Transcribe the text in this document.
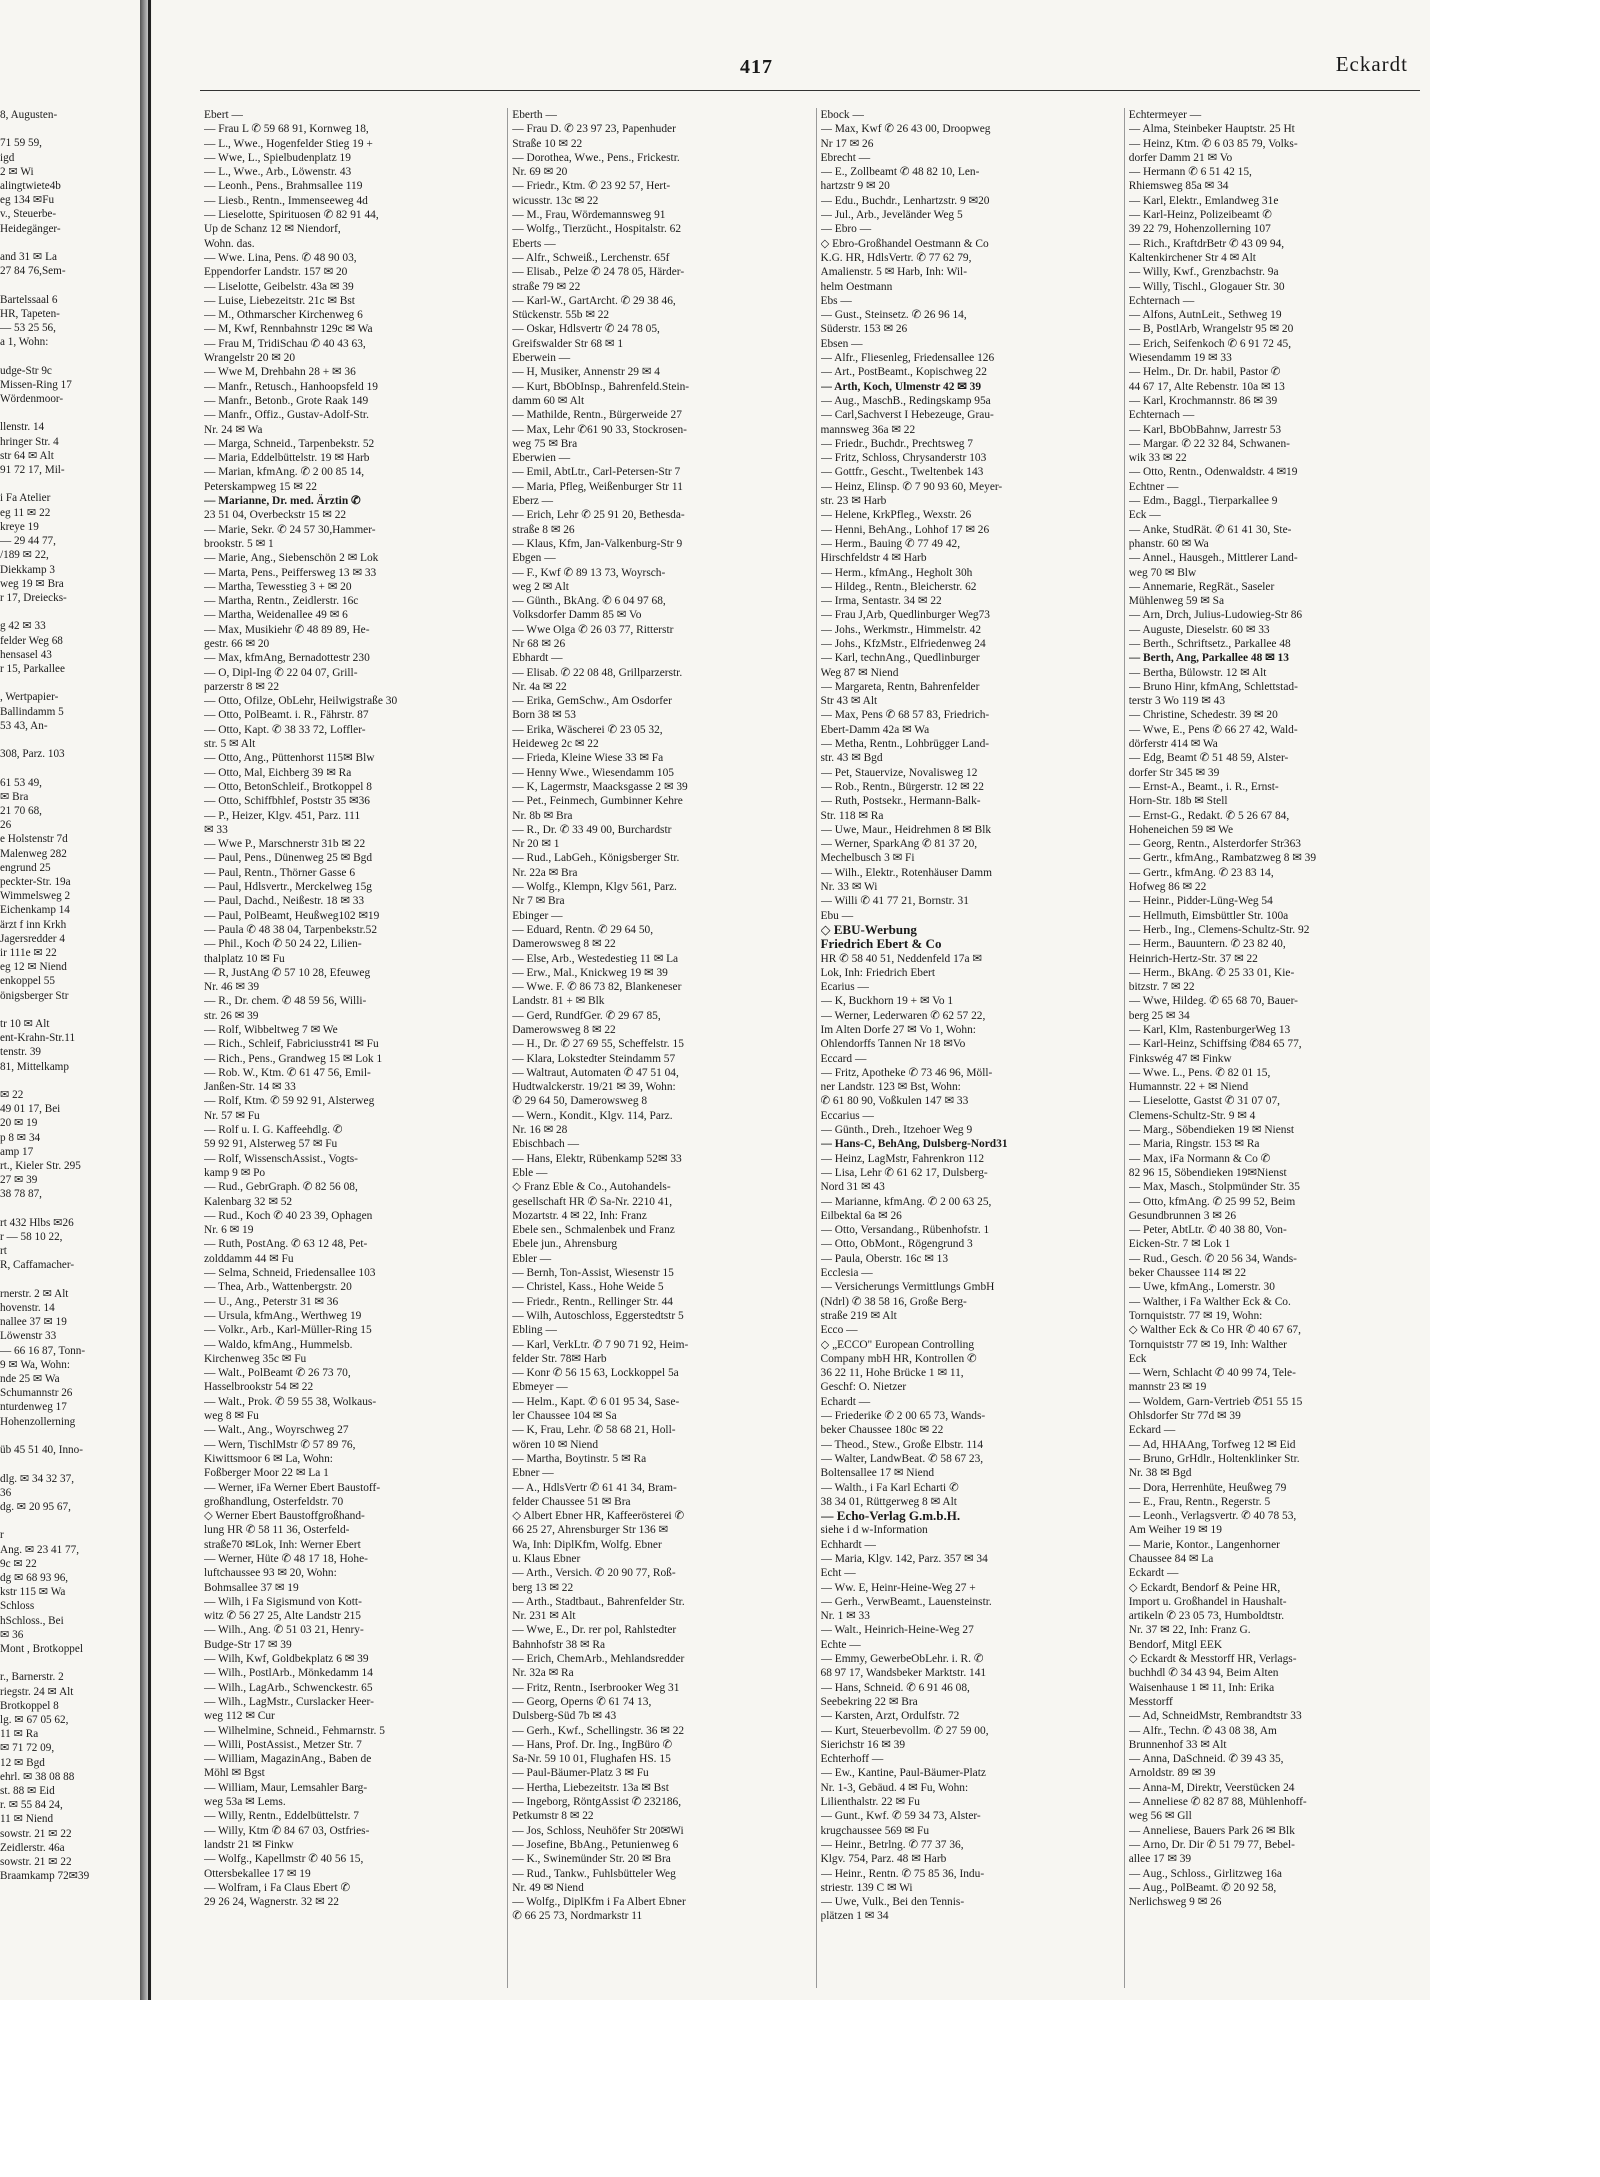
8, Augusten-

71 59 59,
igd
2 ✉ Wi
alingtwiete4b
eg 134 ✉Fu
v., Steuerbe-
Heidegänger-

and 31 ✉ La
27 84 76,Sem-

Bartelssaal 6
HR, Tapeten-
— 53 25 56,
a 1, Wohn:

udge-Str 9c
Missen-Ring 17
Wördenmoor-

llenstr. 14
hringer Str. 4
str 64 ✉ Alt
91 72 17, Mil-

i Fa Atelier
eg 11 ✉ 22
kreye 19
— 29 44 77,
/189 ✉ 22,
Diekkamp 3
weg 19 ✉ Bra
r 17, Dreiecks-

g 42 ✉ 33
felder Weg 68
hensasel 43
r 15, Parkallee

, Wertpapier-
Ballindamm 5
53 43, An-

308, Parz. 103

61 53 49,
✉ Bra
21 70 68,
26
e Holstenstr 7d
Malenweg 282
engrund 25
peckter-Str. 19a
Wimmelsweg 2
Eichenkamp 14
ärzt f inn Krkh
Jagersredder 4
ir 111e ✉ 22
eg 12 ✉ Niend
enkoppel 55
önigsberger Str

tr 10 ✉ Alt
ent-Krahn-Str.11
tenstr. 39
81, Mittelkamp

✉ 22
49 01 17, Bei
20 ✉ 19
p 8 ✉ 34
amp 17
rt., Kieler Str. 295
27 ✉ 39
38 78 87,

rt 432 Hlbs ✉26
r — 58 10 22,
rt
R, Caffamacher-

rnerstr. 2 ✉ Alt
hovenstr. 14
nallee 37 ✉ 19
Löwenstr 33
— 66 16 87, Tonn-
9 ✉ Wa, Wohn:
nde 25 ✉ Wa
Schumannstr 26
nturdenweg 17
Hohenzollerning

üb 45 51 40, Inno-

dlg. ✉ 34 32 37,
36
dg. ✉ 20 95 67,

r
Ang. ✉ 23 41 77,
9c ✉ 22
dg ✉ 68 93 96,
kstr 115 ✉ Wa
Schloss
hSchloss., Bei
✉ 36
Mont , Brotkoppel

r., Barnerstr. 2
riegstr. 24 ✉ Alt
Brotkoppel 8
lg. ✉ 67 05 62,
11 ✉ Ra
✉ 71 72 09,
12 ✉ Bgd
ehrl. ✉ 38 08 88
st. 88 ✉ Eid
r. ✉ 55 84 24,
11 ✉ Niend
sowstr. 21 ✉ 22
Zeidlerstr. 46a
sowstr. 21 ✉ 22
Braamkamp 72✉39
417	Eckardt
Ebert —
— Frau L ✆ 59 68 91, Kornweg 18,
— L., Wwe., Hogenfelder Stieg 19 +
— Wwe, L., Spielbudenplatz 19
— L., Wwe., Arb., Löwenstr. 43
— Leonh., Pens., Brahmsallee 119
— Liesb., Rentn., Immenseeweg 4d
— Lieselotte, Spirituosen ✆ 82 91 44,
Up de Schanz 12 ✉ Niendorf,
Wohn. das.
— Wwe. Lina, Pens. ✆ 48 90 03,
Eppendorfer Landstr. 157 ✉ 20
— Liselotte, Geibelstr. 43a ✉ 39
— Luise, Liebezeitstr. 21c ✉ Bst
— M., Othmarscher Kirchenweg 6
— M, Kwf, Rennbahnstr 129c ✉ Wa
— Frau M, TridiSchau ✆ 40 43 63,
Wrangelstr 20 ✉ 20
— Wwe M, Drehbahn 28 + ✉ 36
— Manfr., Retusch., Hanhoopsfeld 19
— Manfr., Betonb., Grote Raak 149
— Manfr., Offiz., Gustav-Adolf-Str.
Nr. 24 ✉ Wa
— Marga, Schneid., Tarpenbekstr. 52
— Maria, Eddelbüttelstr. 19 ✉ Harb
— Marian, kfmAng. ✆ 2 00 85 14,
Peterskampweg 15 ✉ 22
— Marianne, Dr. med. Ärztin ✆
23 51 04, Overbeckstr 15 ✉ 22
— Marie, Sekr. ✆ 24 57 30,Hammer-
brookstr. 5 ✉ 1
— Marie, Ang., Siebenschön 2 ✉ Lok
— Marta, Pens., Peiffersweg 13 ✉ 33
— Martha, Tewesstieg 3 + ✉ 20
— Martha, Rentn., Zeidlerstr. 16c
— Martha, Weidenallee 49 ✉ 6
— Max, Musikiehr ✆ 48 89 89, He-
gestr. 66 ✉ 20
— Max, kfmAng, Bernadottestr 230
— O, Dipl-Ing ✆ 22 04 07, Grill-
parzerstr 8 ✉ 22
— Otto, Ofilze, ObLehr, Heilwigstraße 30
— Otto, PolBeamt. i. R., Fährstr. 87
— Otto, Kapt. ✆ 38 33 72, Loffler-
str. 5 ✉ Alt
— Otto, Ang., Püttenhorst 115✉ Blw
— Otto, Mal, Eichberg 39 ✉ Ra
— Otto, BetonSchleif., Brotkoppel 8
— Otto, Schiffbhlef, Poststr 35 ✉36
— P., Heizer, Klgv. 451, Parz. 111
✉ 33
— Wwe P., Marschnerstr 31b ✉ 22
— Paul, Pens., Dünenweg 25 ✉ Bgd
— Paul, Rentn., Thörner Gasse 6
— Paul, Hdlsvertr., Merckelweg 15g
— Paul, Dachd., Neißestr. 18 ✉ 33
— Paul, PolBeamt, Heußweg102 ✉19
— Paula ✆ 48 38 04, Tarpenbekstr.52
— Phil., Koch ✆ 50 24 22, Lilien-
thalplatz 10 ✉ Fu
— R, JustAng ✆ 57 10 28, Efeuweg
Nr. 46 ✉ 39
— R., Dr. chem. ✆ 48 59 56, Willi-
str. 26 ✉ 39
— Rolf, Wibbeltweg 7 ✉ We
— Rich., Schleif, Fabriciusstr41 ✉ Fu
— Rich., Pens., Grandweg 15 ✉ Lok 1
— Rob. W., Ktm. ✆ 61 47 56, Emil-
Janßen-Str. 14 ✉ 33
— Rolf, Ktm. ✆ 59 92 91, Alsterweg
Nr. 57 ✉ Fu
— Rolf u. I. G. Kaffeehdlg. ✆
59 92 91, Alsterweg 57 ✉ Fu
— Rolf, WissenschAssist., Vogts-
kamp 9 ✉ Po
— Rud., GebrGraph. ✆ 82 56 08,
Kalenbarg 32 ✉ 52
— Rud., Koch ✆ 40 23 39, Ophagen
Nr. 6 ✉ 19
— Ruth, PostAng. ✆ 63 12 48, Pet-
zolddamm 44 ✉ Fu
— Selma, Schneid, Friedensallee 103
— Thea, Arb., Wattenbergstr. 20
— U., Ang., Peterstr 31 ✉ 36
— Ursula, kfmAng., Werthweg 19
— Volkr., Arb., Karl-Müller-Ring 15
— Waldo, kfmAng., Hummelsb.
Kirchenweg 35c ✉ Fu
— Walt., PolBeamt ✆ 26 73 70,
Hasselbrookstr 54 ✉ 22
— Walt., Prok. ✆ 59 55 38, Wolkaus-
weg 8 ✉ Fu
— Walt., Ang., Woyrschweg 27
— Wern, TischlMstr ✆ 57 89 76,
Kiwittsmoor 6 ✉ La, Wohn:
Foßberger Moor 22 ✉ La 1
— Werner, iFa Werner Ebert Baustoff-
großhandlung, Osterfeldstr. 70
◇ Werner Ebert Baustoffgroßhand-
lung HR ✆ 58 11 36, Osterfeld-
straße70 ✉Lok, Inh: Werner Ebert
— Werner, Hüte ✆ 48 17 18, Hohe-
luftchaussee 93 ✉ 20, Wohn:
Bohmsallee 37 ✉ 19
— Wilh, i Fa Sigismund von Kott-
witz ✆ 56 27 25, Alte Landstr 215
— Wilh., Ang. ✆ 51 03 21, Henry-
Budge-Str 17 ✉ 39
— Wilh, Kwf, Goldbekplatz 6 ✉ 39
— Wilh., PostlArb., Mönkedamm 14
— Wilh., LagArb., Schwenckestr. 65
— Wilh., LagMstr., Curslacker Heer-
weg 112 ✉ Cur
— Wilhelmine, Schneid., Fehmarnstr. 5
— Willi, PostAssist., Metzer Str. 7
— William, MagazinAng., Baben de
Möhl ✉ Bgst
— William, Maur, Lemsahler Barg-
weg 53a ✉ Lems.
— Willy, Rentn., Eddelbüttelstr. 7
— Willy, Ktm ✆ 84 67 03, Ostfries-
landstr 21 ✉ Finkw
— Wolfg., Kapellmstr ✆ 40 56 15,
Ottersbekallee 17 ✉ 19
— Wolfram, i Fa Claus Ebert ✆
29 26 24, Wagnerstr. 32 ✉ 22
Eberth —
— Frau D. ✆ 23 97 23, Papenhuder
Straße 10 ✉ 22
— Dorothea, Wwe., Pens., Frickestr.
Nr. 69 ✉ 20
— Friedr., Ktm. ✆ 23 92 57, Hert-
wicusstr. 13c ✉ 22
— M., Frau, Wördemannsweg 91
— Wolfg., Tierzücht., Hospitalstr. 62
Eberts —
— Alfr., Schweiß., Lerchenstr. 65f
— Elisab., Pelze ✆ 24 78 05, Härder-
straße 79 ✉ 22
— Karl-W., GartArcht. ✆ 29 38 46,
Stückenstr. 55b ✉ 22
— Oskar, Hdlsvertr ✆ 24 78 05,
Greifswalder Str 68 ✉ 1
Eberwein —
— H, Musiker, Annenstr 29 ✉ 4
— Kurt, BbObInsp., Bahrenfeld.Stein-
damm 60 ✉ Alt
— Mathilde, Rentn., Bürgerweide 27
— Max, Lehr ✆61 90 33, Stockrosen-
weg 75 ✉ Bra
Eberwien —
— Emil, AbtLtr., Carl-Petersen-Str 7
— Maria, Pfleg, Weißenburger Str 11
Eberz —
— Erich, Lehr ✆ 25 91 20, Bethesda-
straße 8 ✉ 26
— Klaus, Kfm, Jan-Valkenburg-Str 9
Ebgen —
— F., Kwf ✆ 89 13 73, Woyrsch-
weg 2 ✉ Alt
— Günth., BkAng. ✆ 6 04 97 68,
Volksdorfer Damm 85 ✉ Vo
— Wwe Olga ✆ 26 03 77, Ritterstr
Nr 68 ✉ 26
Ebhardt —
— Elisab. ✆ 22 08 48, Grillparzerstr.
Nr. 4a ✉ 22
— Erika, GemSchw., Am Osdorfer
Born 38 ✉ 53
— Erika, Wäscherei ✆ 23 05 32,
Heideweg 2c ✉ 22
— Frieda, Kleine Wiese 33 ✉ Fa
— Henny Wwe., Wiesendamm 105
— K, Lagermstr, Maacksgasse 2 ✉ 39
— Pet., Feinmech, Gumbinner Kehre
Nr. 8b ✉ Bra
— R., Dr. ✆ 33 49 00, Burchardstr
Nr 20 ✉ 1
— Rud., LabGeh., Königsberger Str.
Nr. 22a ✉ Bra
— Wolfg., Klempn, Klgv 561, Parz.
Nr 7 ✉ Bra
Ebinger —
— Eduard, Rentn. ✆ 29 64 50,
Damerowsweg 8 ✉ 22
— Else, Arb., Westedestieg 11 ✉ La
— Erw., Mal., Knickweg 19 ✉ 39
— Wwe. F. ✆ 86 73 82, Blankeneser
Landstr. 81 + ✉ Blk
— Gerd, RundfGer. ✆ 29 67 85,
Damerowsweg 8 ✉ 22
— H., Dr. ✆ 27 69 55, Scheffelstr. 15
— Klara, Lokstedter Steindamm 57
— Waltraut, Automaten ✆ 47 51 04,
Hudtwalckerstr. 19/21 ✉ 39, Wohn:
✆ 29 64 50, Damerowsweg 8
— Wern., Kondit., Klgv. 114, Parz.
Nr. 16 ✉ 28
Ebischbach —
— Hans, Elektr, Rübenkamp 52✉ 33
Eble —
◇ Franz Eble & Co., Autohandels-
gesellschaft HR ✆ Sa-Nr. 2210 41,
Mozartstr. 4 ✉ 22, Inh: Franz
Ebele sen., Schmalenbek und Franz
Ebele jun., Ahrensburg
Ebler —
— Bernh, Ton-Assist, Wiesenstr 15
— Christel, Kass., Hohe Weide 5
— Friedr., Rentn., Rellinger Str. 44
— Wilh, Autoschloss, Eggerstedtstr 5
Ebling —
— Karl, VerkLtr. ✆ 7 90 71 92, Heim-
felder Str. 78✉ Harb
— Konr ✆ 56 15 63, Lockkoppel 5a
Ebmeyer —
— Helm., Kapt. ✆ 6 01 95 34, Sase-
ler Chaussee 104 ✉ Sa
— K, Frau, Lehr. ✆ 58 68 21, Holl-
wören 10 ✉ Niend
— Martha, Boytinstr. 5 ✉ Ra
Ebner —
— A., HdlsVertr ✆ 61 41 34, Bram-
felder Chaussee 51 ✉ Bra
◇ Albert Ebner HR, Kaffeerösterei ✆
66 25 27, Ahrensburger Str 136 ✉
Wa, Inh: DiplKfm, Wolfg. Ebner
u. Klaus Ebner
— Arth., Versich. ✆ 20 90 77, Roß-
berg 13 ✉ 22
— Arth., Stadtbaut., Bahrenfelder Str.
Nr. 231 ✉ Alt
— Wwe, E., Dr. rer pol, Rahlstedter
Bahnhofstr 38 ✉ Ra
— Erich, ChemArb., Mehlandsredder
Nr. 32a ✉ Ra
— Fritz, Rentn., Iserbrooker Weg 31
— Georg, Operns ✆ 61 74 13,
Dulsberg-Süd 7b ✉ 43
— Gerh., Kwf., Schellingstr. 36 ✉ 22
— Hans, Prof. Dr. Ing., IngBüro ✆
Sa-Nr. 59 10 01, Flughafen HS. 15
— Paul-Bäumer-Platz 3 ✉ Fu
— Hertha, Liebezeitstr. 13a ✉ Bst
— Ingeborg, RöntgAssist ✆ 232186,
Petkumstr 8 ✉ 22
— Jos, Schloss, Neuhöfer Str 20✉Wi
— Josefine, BbAng., Petunienweg 6
— K., Swinemünder Str. 20 ✉ Bra
— Rud., Tankw., Fuhlsbütteler Weg
Nr. 49 ✉ Niend
— Wolfg., DiplKfm i Fa Albert Ebner
✆ 66 25 73, Nordmarkstr 11
Ebock —
— Max, Kwf ✆ 26 43 00, Droopweg
Nr 17 ✉ 26
Ebrecht —
— E., Zollbeamt ✆ 48 82 10, Len-
hartzstr 9 ✉ 20
— Edu., Buchdr., Lenhartzstr. 9 ✉20
— Jul., Arb., Jeveländer Weg 5
— Ebro —
◇ Ebro-Großhandel Oestmann & Co
K.G. HR, HdlsVertr. ✆ 77 62 79,
Amalienstr. 5 ✉ Harb, Inh: Wil-
helm Oestmann
Ebs —
— Gust., Steinsetz. ✆ 26 96 14,
Süderstr. 153 ✉ 26
Ebsen —
— Alfr., Fliesenleg, Friedensallee 126
— Art., PostBeamt., Kopischweg 22
— Arth, Koch, Ulmenstr 42 ✉ 39
— Aug., MaschB., Redingskamp 95a
— Carl,Sachverst I Hebezeuge, Grau-
mannsweg 36a ✉ 22
— Friedr., Buchdr., Prechtsweg 7
— Fritz, Schloss, Chrysanderstr 103
— Gottfr., Gescht., Tweltenbek 143
— Heinz, Elinsp. ✆ 7 90 93 60, Meyer-
str. 23 ✉ Harb
— Helene, KrkPfleg., Wexstr. 26
— Henni, BehAng., Lohhof 17 ✉ 26
— Herm., Bauing ✆ 77 49 42,
Hirschfeldstr 4 ✉ Harb
— Herm., kfmAng., Hegholt 30h
— Hildeg., Rentn., Bleicherstr. 62
— Irma, Sentastr. 34 ✉ 22
— Frau J,Arb, Quedlinburger Weg73
— Johs., Werkmstr., Himmelstr. 42
— Johs., KfzMstr., Elfriedenweg 24
— Karl, technAng., Quedlinburger
Weg 87 ✉ Niend
— Margareta, Rentn, Bahrenfelder
Str 43 ✉ Alt
— Max, Pens ✆ 68 57 83, Friedrich-
Ebert-Damm 42a ✉ Wa
— Metha, Rentn., Lohbrügger Land-
str. 43 ✉ Bgd
— Pet, Stauervize, Novalisweg 12
— Rob., Rentn., Bürgerstr. 12 ✉ 22
— Ruth, Postsekr., Hermann-Balk-
Str. 118 ✉ Ra
— Uwe, Maur., Heidrehmen 8 ✉ Blk
— Werner, SparkAng ✆ 81 37 20,
Mechelbusch 3 ✉ Fi
— Wilh., Elektr., Rotenhäuser Damm
Nr. 33 ✉ Wi
— Willi ✆ 41 77 21, Bornstr. 31
Ebu —
◇ EBU-Werbung
Friedrich Ebert & Co
HR ✆ 58 40 51, Neddenfeld 17a ✉
Lok, Inh: Friedrich Ebert
Ecarius —
— K, Buckhorn 19 + ✉ Vo 1
— Werner, Lederwaren ✆ 62 57 22,
Im Alten Dorfe 27 ✉ Vo 1, Wohn:
Ohlendorffs Tannen Nr 18 ✉Vo
Eccard —
— Fritz, Apotheke ✆ 73 46 96, Möll-
ner Landstr. 123 ✉ Bst, Wohn:
✆ 61 80 90, Voßkulen 147 ✉ 33
Eccarius —
— Günth., Dreh., Itzehoer Weg 9
— Hans-C, BehAng, Dulsberg-Nord31
— Heinz, LagMstr, Fahrenkron 112
— Lisa, Lehr ✆ 61 62 17, Dulsberg-
Nord 31 ✉ 43
— Marianne, kfmAng. ✆ 2 00 63 25,
Eilbektal 6a ✉ 26
— Otto, Versandang., Rübenhofstr. 1
— Otto, ObMont., Rögengrund 3
— Paula, Oberstr. 16c ✉ 13
Ecclesia —
— Versicherungs Vermittlungs GmbH
(Ndrl) ✆ 38 58 16, Große Berg-
straße 219 ✉ Alt
Ecco —
◇ „ECCO" European Controlling
Company mbH HR, Kontrollen ✆
36 22 11, Hohe Brücke 1 ✉ 11,
Geschf: O. Nietzer
Echardt —
— Friederike ✆ 2 00 65 73, Wands-
beker Chaussee 180c ✉ 22
— Theod., Stew., Große Elbstr. 114
— Walter, LandwBeat. ✆ 58 67 23,
Boltensallee 17 ✉ Niend
— Walth., i Fa Karl Echarti ✆
38 34 01, Rüttgerweg 8 ✉ Alt
— Echo-Verlag G.m.b.H.
siehe i d w-Information
Echhardt —
— Maria, Klgv. 142, Parz. 357 ✉ 34
Echt —
— Ww. E, Heinr-Heine-Weg 27 +
— Gerh., VerwBeamt., Lauensteinstr.
Nr. 1 ✉ 33
— Walt., Heinrich-Heine-Weg 27
Echte —
— Emmy, GewerbeObLehr. i. R. ✆
68 97 17, Wandsbeker Marktstr. 141
— Hans, Schneid. ✆ 6 91 46 08,
Seebekring 22 ✉ Bra
— Karsten, Arzt, Ordulfstr. 72
— Kurt, Steuerbevollm. ✆ 27 59 00,
Sierichstr 16 ✉ 39
Echterhoff —
— Ew., Kantine, Paul-Bäumer-Platz
Nr. 1-3, Gebäud. 4 ✉ Fu, Wohn:
Lilienthalstr. 22 ✉ Fu
— Gunt., Kwf. ✆ 59 34 73, Alster-
krugchaussee 569 ✉ Fu
— Heinr., Betrlng. ✆ 77 37 36,
Klgv. 754, Parz. 48 ✉ Harb
— Heinr., Rentn. ✆ 75 85 36, Indu-
striestr. 139 C ✉ Wi
— Uwe, Vulk., Bei den Tennis-
plätzen 1 ✉ 34
Echtermeyer —
— Alma, Steinbeker Hauptstr. 25 Ht
— Heinz, Ktm. ✆ 6 03 85 79, Volks-
dorfer Damm 21 ✉ Vo
— Hermann ✆ 6 51 42 15,
Rhiemsweg 85a ✉ 34
— Karl, Elektr., Emlandweg 31e
— Karl-Heinz, Polizeibeamt ✆
39 22 79, Hohenzollerning 107
— Rich., KraftdrBetr ✆ 43 09 94,
Kaltenkirchener Str 4 ✉ Alt
— Willy, Kwf., Grenzbachstr. 9a
— Willy, Tischl., Glogauer Str. 30
Echternach —
— Alfons, AutnLeit., Sethweg 19
— B, PostlArb, Wrangelstr 95 ✉ 20
— Erich, Seifenkoch ✆ 6 91 72 45,
Wiesendamm 19 ✉ 33
— Helm., Dr. Dr. habil, Pastor ✆
44 67 17, Alte Rebenstr. 10a ✉ 13
— Karl, Krochmannstr. 86 ✉ 39
Echternach —
— Karl, BbObBahnw, Jarrestr 53
— Margar. ✆ 22 32 84, Schwanen-
wik 33 ✉ 22
— Otto, Rentn., Odenwaldstr. 4 ✉19
Echtner —
— Edm., Baggl., Tierparkallee 9
Eck —
— Anke, StudRät. ✆ 61 41 30, Ste-
phanstr. 60 ✉ Wa
— Annel., Hausgeh., Mittlerer Land-
weg 70 ✉ Blw
— Annemarie, RegRät., Saseler
Mühlenweg 59 ✉ Sa
— Arn, Drch, Julius-Ludowieg-Str 86
— Auguste, Dieselstr. 60 ✉ 33
— Berth., Schriftsetz., Parkallee 48
— Berth, Ang, Parkallee 48 ✉ 13
— Bertha, Bülowstr. 12 ✉ Alt
— Bruno Hinr, kfmAng, Schlettstad-
terstr 3 Wo 119 ✉ 43
— Christine, Schedestr. 39 ✉ 20
— Wwe, E., Pens ✆ 66 27 42, Wald-
dörferstr 414 ✉ Wa
— Edg, Beamt ✆ 51 48 59, Alster-
dorfer Str 345 ✉ 39
— Ernst-A., Beamt., i. R., Ernst-
Horn-Str. 18b ✉ Stell
— Ernst-G., Redakt. ✆ 5 26 67 84,
Hoheneichen 59 ✉ We
— Georg, Rentn., Alsterdorfer Str363
— Gertr., kfmAng., Rambatzweg 8 ✉ 39
— Gertr., kfmAng. ✆ 23 83 14,
Hofweg 86 ✉ 22
— Heinr., Pidder-Lüng-Weg 54
— Hellmuth, Eimsbüttler Str. 100a
— Herb., Ing., Clemens-Schultz-Str. 92
— Herm., Bauuntern. ✆ 23 82 40,
Heinrich-Hertz-Str. 37 ✉ 22
— Herm., BkAng. ✆ 25 33 01, Kie-
bitzstr. 7 ✉ 22
— Wwe, Hildeg. ✆ 65 68 70, Bauer-
berg 25 ✉ 34
— Karl, Klm, RastenburgerWeg 13
— Karl-Heinz, Schiffsing ✆84 65 77,
Finkswég 47 ✉ Finkw
— Wwe. L., Pens. ✆ 82 01 15,
Humannstr. 22 + ✉ Niend
— Lieselotte, Gastst ✆ 31 07 07,
Clemens-Schultz-Str. 9 ✉ 4
— Marg., Söbendieken 19 ✉ Nienst
— Maria, Ringstr. 153 ✉ Ra
— Max, iFa Normann & Co ✆
82 96 15, Söbendieken 19✉Nienst
— Max, Masch., Stolpmünder Str. 35
— Otto, kfmAng. ✆ 25 99 52, Beim
Gesundbrunnen 3 ✉ 26
— Peter, AbtLtr. ✆ 40 38 80, Von-
Eicken-Str. 7 ✉ Lok 1
— Rud., Gesch. ✆ 20 56 34, Wands-
beker Chaussee 114 ✉ 22
— Uwe, kfmAng., Lomerstr. 30
— Walther, i Fa Walther Eck & Co.
Tornquiststr. 77 ✉ 19, Wohn:
◇ Walther Eck & Co HR ✆ 40 67 67,
Tornquiststr 77 ✉ 19, Inh: Walther
Eck
— Wern, Schlacht ✆ 40 99 74, Tele-
mannstr 23 ✉ 19
— Woldem, Garn-Vertrieb ✆51 55 15
Ohlsdorfer Str 77d ✉ 39
Eckard —
— Ad, HHAAng, Torfweg 12 ✉ Eid
— Bruno, GrHdlr., Holtenklinker Str.
Nr. 38 ✉ Bgd
— Dora, Herrenhüte, Heußweg 79
— E., Frau, Rentn., Regerstr. 5
— Leonh., Verlagsvertr. ✆ 40 78 53,
Am Weiher 19 ✉ 19
— Marie, Kontor., Langenhorner
Chaussee 84 ✉ La
Eckardt —
◇ Eckardt, Bendorf & Peine HR,
Import u. Großhandel in Haushalt-
artikeln ✆ 23 05 73, Humboldtstr.
Nr. 37 ✉ 22, Inh: Franz G.
Bendorf, Mitgl EEK
◇ Eckardt & Messtorff HR, Verlags-
buchhdl ✆ 34 43 94, Beim Alten
Waisenhause 1 ✉ 11, Inh: Erika
Messtorff
— Ad, SchneidMstr, Rembrandtstr 33
— Alfr., Techn. ✆ 43 08 38, Am
Brunnenhof 33 ✉ Alt
— Anna, DaSchneid. ✆ 39 43 35,
Arnoldstr. 89 ✉ 39
— Anna-M, Direktr, Veerstücken 24
— Anneliese ✆ 82 87 88, Mühlenhoff-
weg 56 ✉ Gll
— Anneliese, Bauers Park 26 ✉ Blk
— Arno, Dr. Dir ✆ 51 79 77, Bebel-
allee 17 ✉ 39
— Aug., Schloss., Girlitzweg 16a
— Aug., PolBeamt. ✆ 20 92 58,
Nerlichsweg 9 ✉ 26
